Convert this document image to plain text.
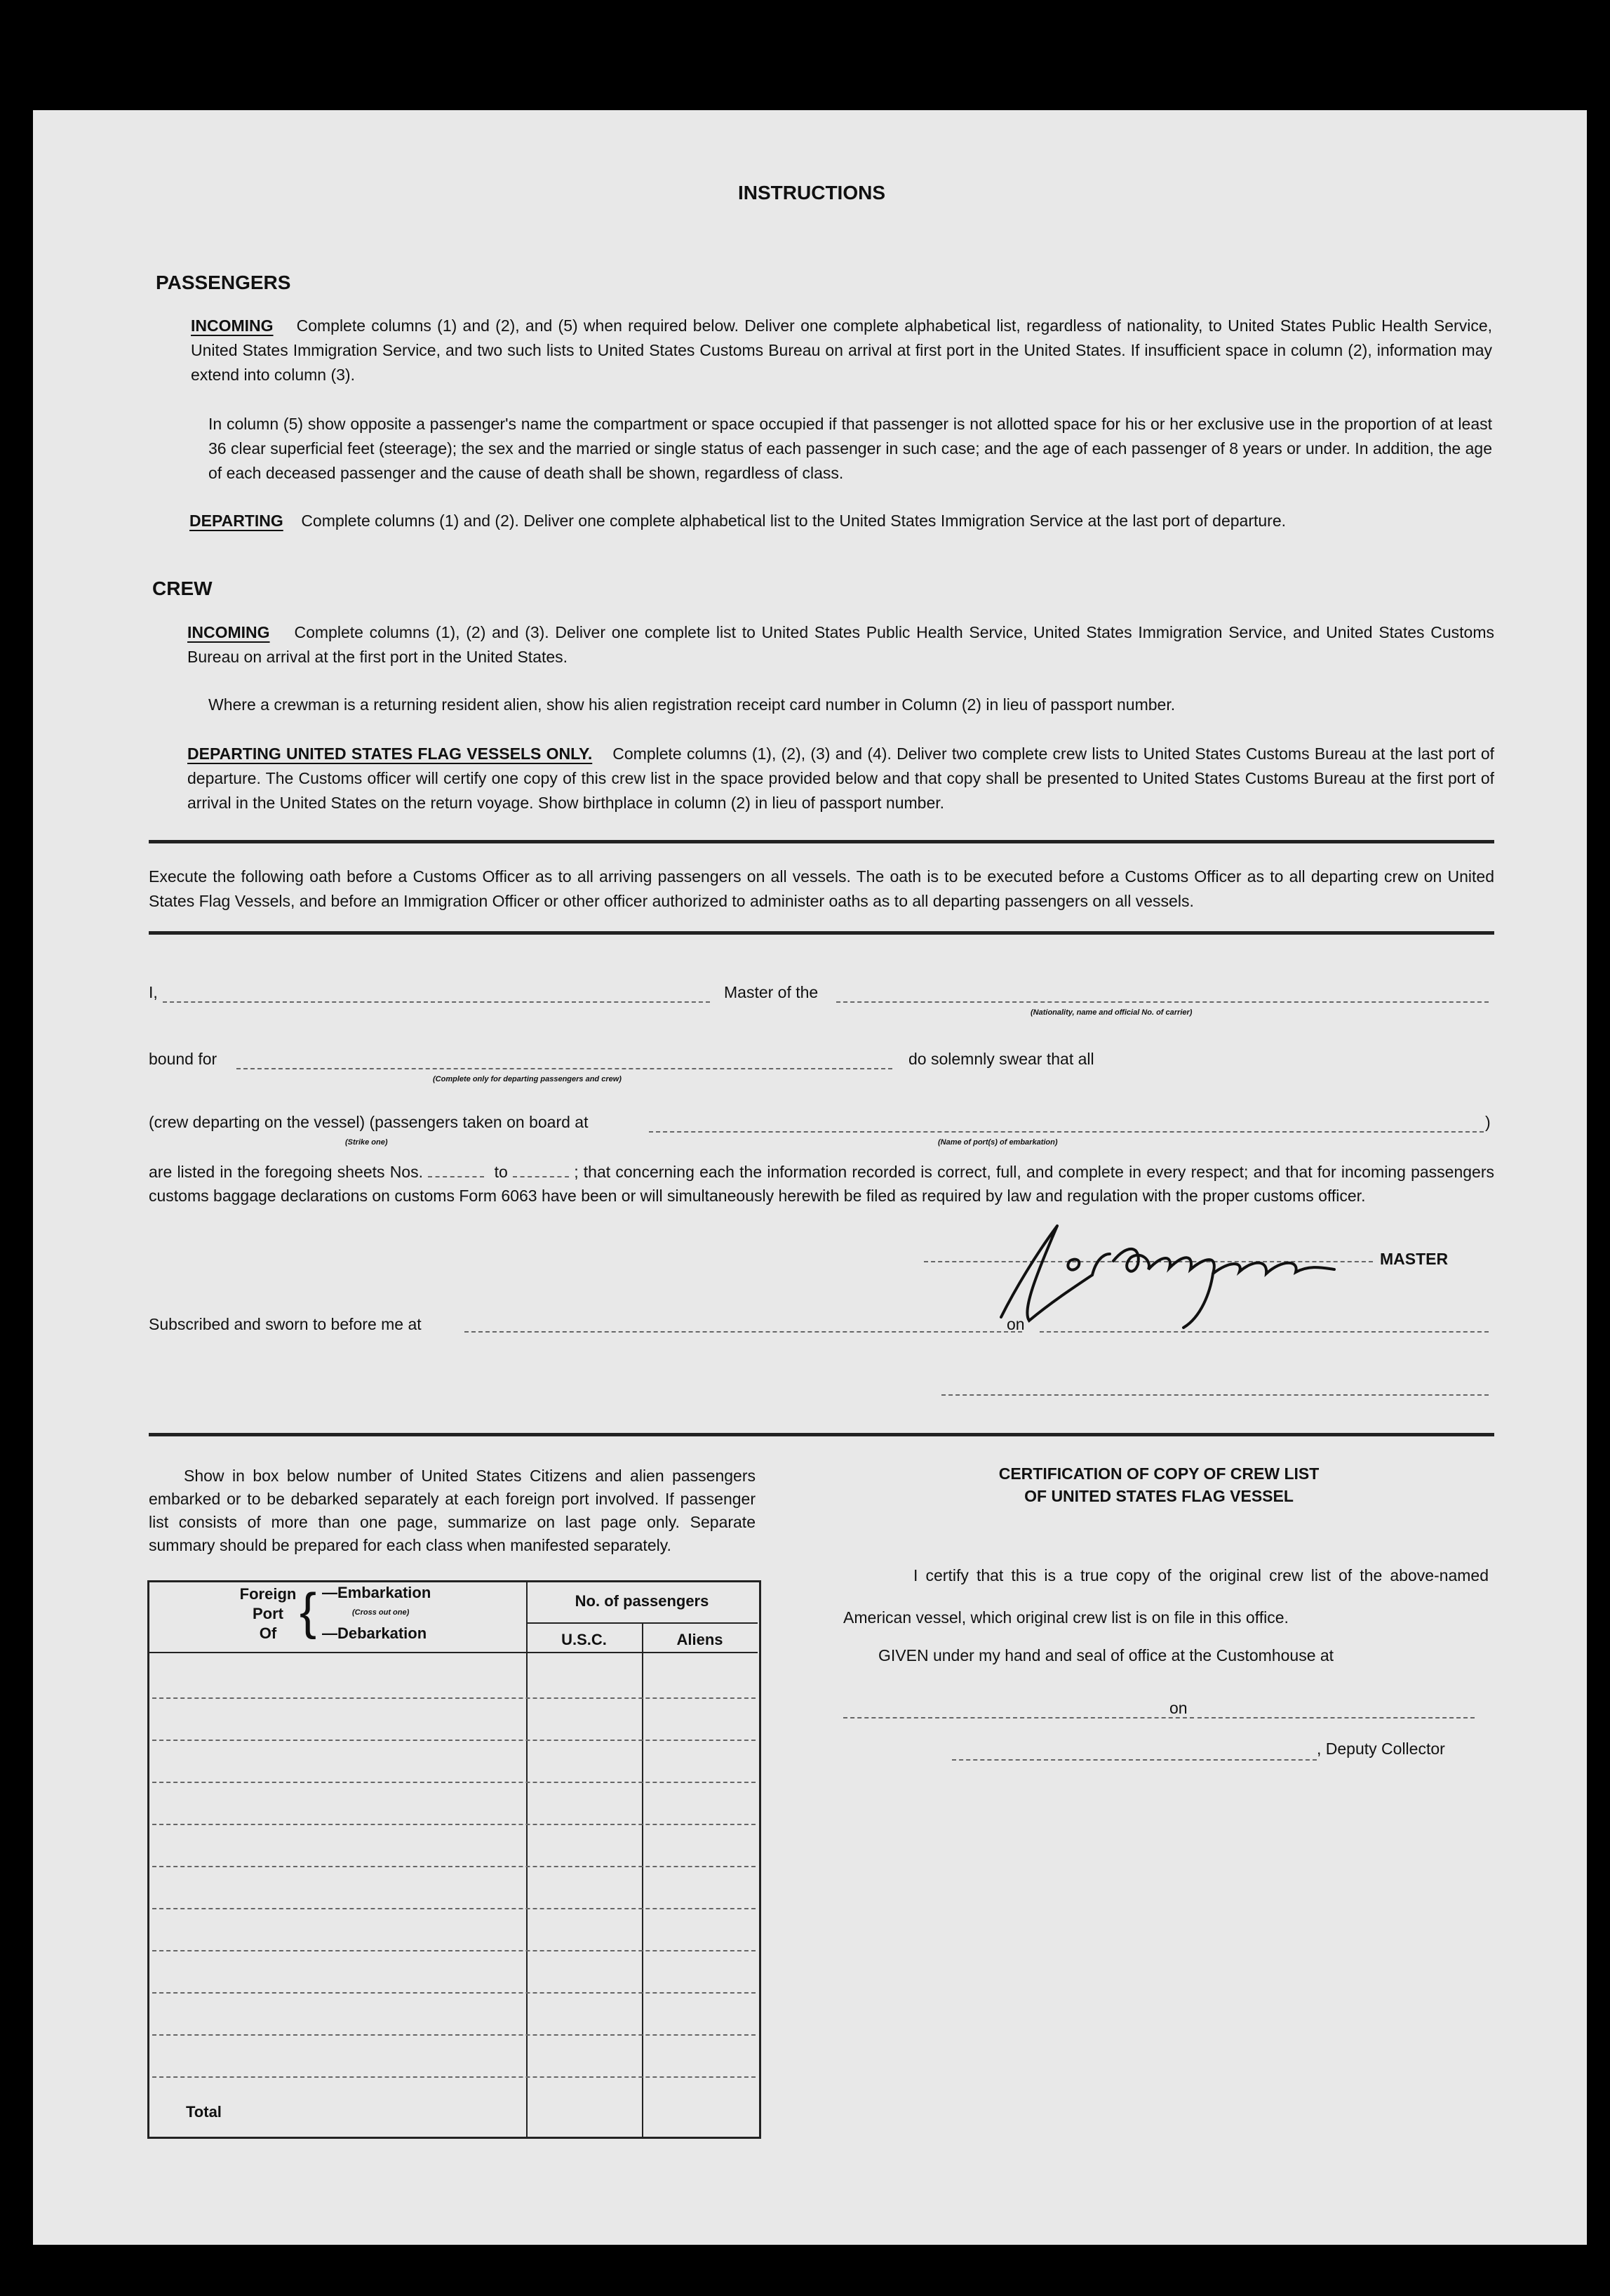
INSTRUCTIONS
PASSENGERS
INCOMING Complete columns (1) and (2), and (5) when required below. Deliver one complete alphabetical list, regardless of nationality, to United States Public Health Service, United States Immigration Service, and two such lists to United States Customs Bureau on arrival at first port in the United States. If insufficient space in column (2), information may extend into column (3).
In column (5) show opposite a passenger's name the compartment or space occupied if that passenger is not allotted space for his or her exclusive use in the proportion of at least 36 clear superficial feet (steerage); the sex and the married or single status of each passenger in such case; and the age of each passenger of 8 years or under. In addition, the age of each deceased passenger and the cause of death shall be shown, regardless of class.
DEPARTING Complete columns (1) and (2). Deliver one complete alphabetical list to the United States Immigration Service at the last port of departure.
CREW
INCOMING Complete columns (1), (2) and (3). Deliver one complete list to United States Public Health Service, United States Immigration Service, and United States Customs Bureau on arrival at the first port in the United States.
Where a crewman is a returning resident alien, show his alien registration receipt card number in Column (2) in lieu of passport number.
DEPARTING UNITED STATES FLAG VESSELS ONLY. Complete columns (1), (2), (3) and (4). Deliver two complete crew lists to United States Customs Bureau at the last port of departure. The Customs officer will certify one copy of this crew list in the space provided below and that copy shall be presented to United States Customs Bureau at the first port of arrival in the United States on the return voyage. Show birthplace in column (2) in lieu of passport number.
Execute the following oath before a Customs Officer as to all arriving passengers on all vessels. The oath is to be executed before a Customs Officer as to all departing crew on United States Flag Vessels, and before an Immigration Officer or other officer authorized to administer oaths as to all departing passengers on all vessels.
I,	Master of the
(Nationality, name and official No. of carrier)
bound for
(Complete only for departing passengers and crew)
do solemnly swear that all
(crew departing on the vessel) (passengers taken on board at	)
(Strike one)	(Name of port(s) of embarkation)
are listed in the foregoing sheets Nos.	to	; that concerning each the information recorded is correct, full, and complete in every respect; and that for incoming passengers customs baggage declarations on customs Form 6063 have been or will simultaneously herewith be filed as required by law and regulation with the proper customs officer.
MASTER
Subscribed and sworn to before me at	on
Show in box below number of United States Citizens and alien passengers embarked or to be debarked separately at each foreign port involved. If passenger list consists of more than one page, summarize on last page only. Separate summary should be prepared for each class when manifested separately.
Foreign
Port
Of { —Embarkation
(Cross out one)
—Debarkation
No. of passengers
U.S.C.	Aliens
Total
CERTIFICATION OF COPY OF CREW LIST
OF UNITED STATES FLAG VESSEL
I certify that this is a true copy of the original crew list of the above-named American vessel, which original crew list is on file in this office.
GIVEN under my hand and seal of office at the Customhouse at
on
, Deputy Collector
